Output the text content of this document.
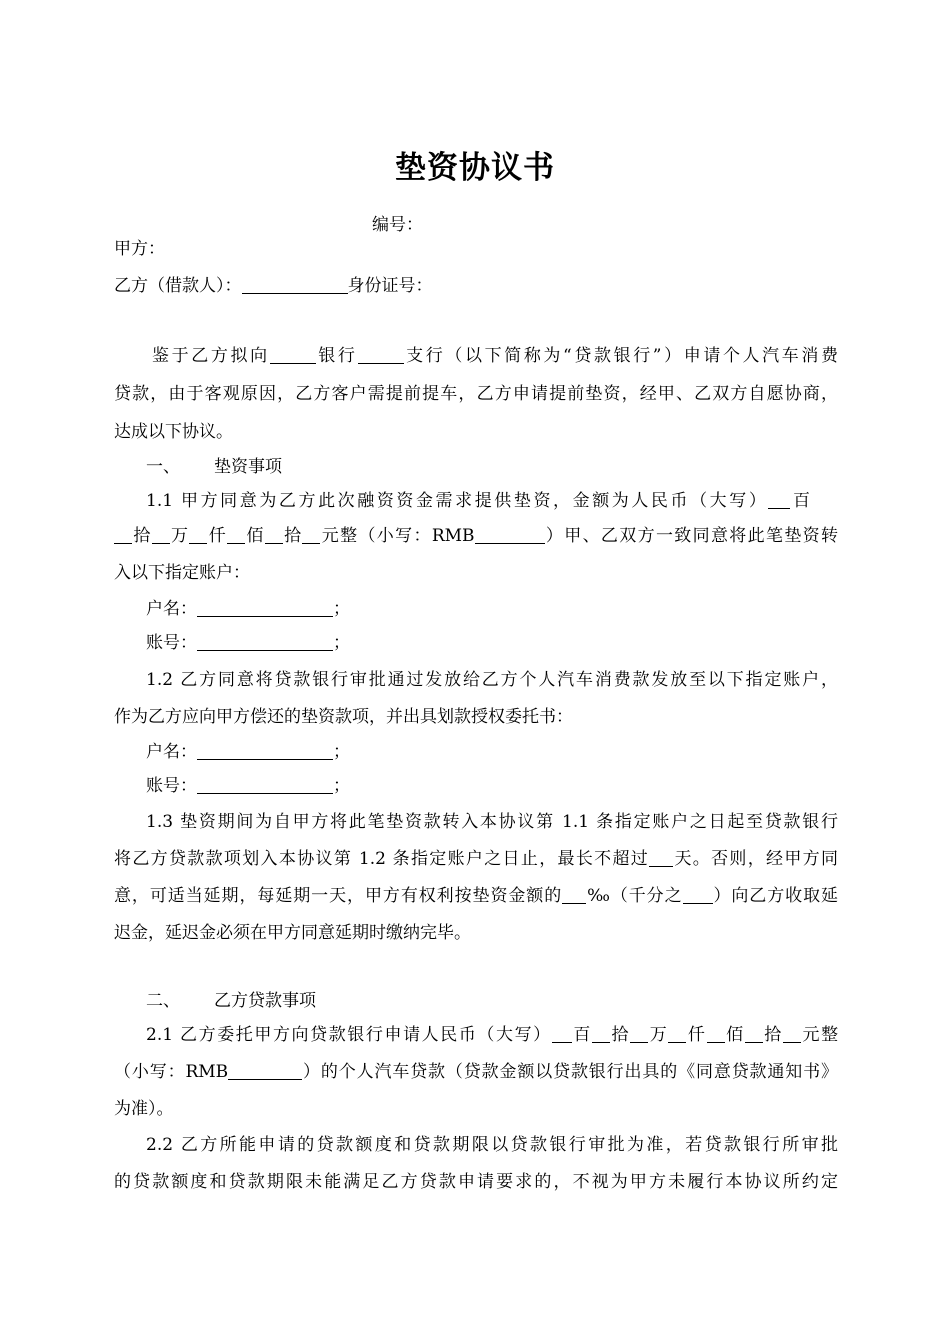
垫资协议书
编号：
甲方：
乙方（借款人）：	身份证号：
鉴于乙方拟向	银行	支行（以下简称为“贷款银行”）申请个人汽车消费
贷款，由于客观原因，乙方客户需提前提车，乙方申请提前垫资，经甲、乙双方自愿协商，
达成以下协议。
一、 垫资事项
1.1 甲方同意为乙方此次融资资金需求提供垫资，金额为人民币（大写） 百
拾 万 仟 佰 拾 元整（小写：RMB	）甲、乙双方一致同意将此笔垫资转
入以下指定账户：
户名：	；
账号：	；
1.2 乙方同意将贷款银行审批通过发放给乙方个人汽车消费款发放至以下指定账户，
作为乙方应向甲方偿还的垫资款项，并出具划款授权委托书：
户名：	；
账号：	；
1.3 垫资期间为自甲方将此笔垫资款转入本协议第 1.1 条指定账户之日起至贷款银行
将乙方贷款款项划入本协议第 1.2 条指定账户之日止，最长不超过 天。否则，经甲方同
意，可适当延期，每延期一天，甲方有权利按垫资金额的 ‰（千分之 ）向乙方收取延
迟金，延迟金必须在甲方同意延期时缴纳完毕。
二、 乙方贷款事项
2.1 乙方委托甲方向贷款银行申请人民币（大写） 百 拾 万 仟 佰 拾 元整
（小写：RMB	）的个人汽车贷款（贷款金额以贷款银行出具的《同意贷款通知书》
为准）。
2.2 乙方所能申请的贷款额度和贷款期限以贷款银行审批为准，若贷款银行所审批
的贷款额度和贷款期限未能满足乙方贷款申请要求的，不视为甲方未履行本协议所约定
